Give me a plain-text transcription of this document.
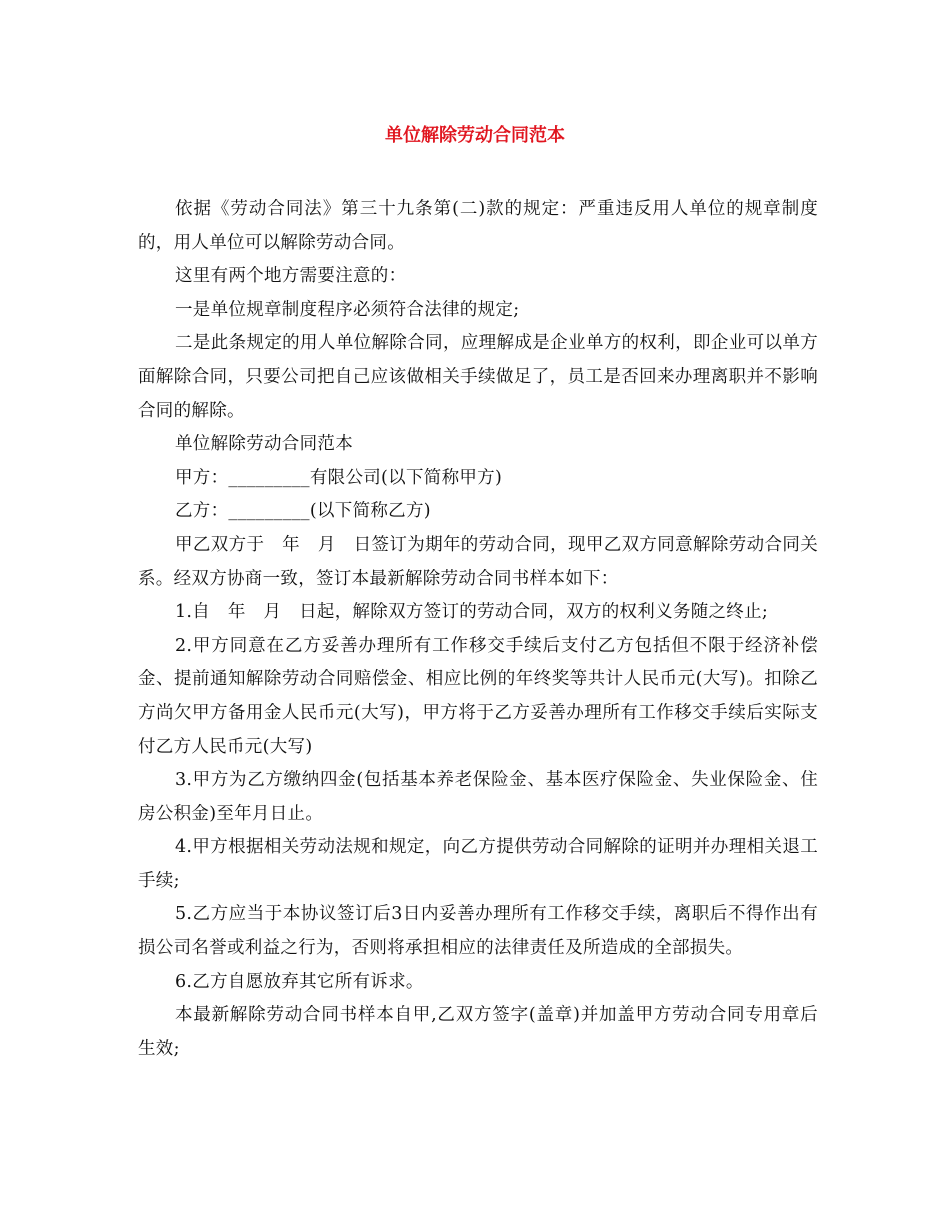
单位解除劳动合同范本

依据《劳动合同法》第三十九条第(二)款的规定：严重违反用人单位的规章制度的，用人单位可以解除劳动合同。

这里有两个地方需要注意的：

一是单位规章制度程序必须符合法律的规定;

二是此条规定的用人单位解除合同，应理解成是企业单方的权利，即企业可以单方面解除合同，只要公司把自己应该做相关手续做足了，员工是否回来办理离职并不影响合同的解除。

单位解除劳动合同范本

甲方：_________有限公司(以下简称甲方)

乙方：_________(以下简称乙方)

甲乙双方于　年　月　日签订为期年的劳动合同，现甲乙双方同意解除劳动合同关系。经双方协商一致，签订本最新解除劳动合同书样本如下：

1.自　年　月　日起，解除双方签订的劳动合同，双方的权利义务随之终止;

2.甲方同意在乙方妥善办理所有工作移交手续后支付乙方包括但不限于经济补偿金、提前通知解除劳动合同赔偿金、相应比例的年终奖等共计人民币元(大写)。扣除乙方尚欠甲方备用金人民币元(大写)，甲方将于乙方妥善办理所有工作移交手续后实际支付乙方人民币元(大写)

3.甲方为乙方缴纳四金(包括基本养老保险金、基本医疗保险金、失业保险金、住房公积金)至年月日止。

4.甲方根据相关劳动法规和规定，向乙方提供劳动合同解除的证明并办理相关退工手续;

5.乙方应当于本协议签订后3日内妥善办理所有工作移交手续，离职后不得作出有损公司名誉或利益之行为，否则将承担相应的法律责任及所造成的全部损失。

6.乙方自愿放弃其它所有诉求。

本最新解除劳动合同书样本自甲,乙双方签字(盖章)并加盖甲方劳动合同专用章后生效;
